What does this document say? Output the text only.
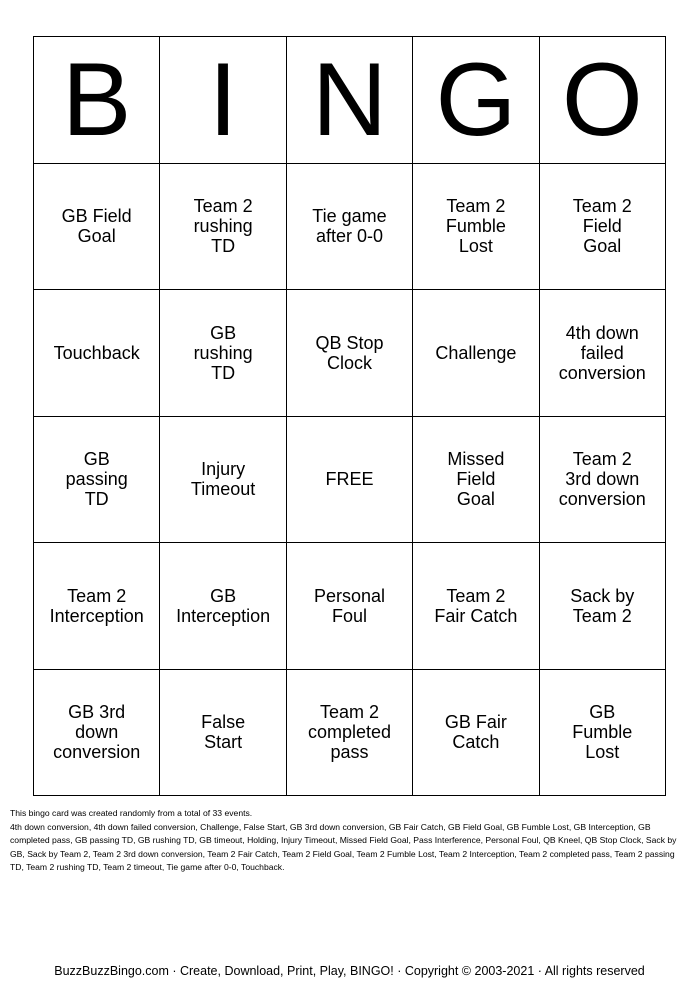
B I N G O
GB Field
Goal
Team 2
rushing
TD
Tie game
after 0-0
Team 2
Fumble
Lost
Team 2
Field
Goal
Touchback
GB
rushing
TD
QB Stop
Clock	Challenge
4th down
failed
conversion
GB
passing
TD
Injury
Timeout	FREE
Missed
Field
Goal
Team 2
3rd down
conversion
Team 2
Interception
GB
Interception
Personal
Foul
Team 2
Fair Catch
Sack by
Team 2
GB 3rd
down
conversion
False
Start
Team 2
completed
pass
GB Fair
Catch
GB
Fumble
Lost

This bingo card was created randomly from a total of 33 events.

4th down conversion, 4th down failed conversion, Challenge, False Start, GB 3rd down conversion, GB Fair Catch, GB Field Goal, GB Fumble Lost, GB Interception, GB completed pass, GB passing TD, GB rushing TD, GB timeout, Holding, Injury Timeout, Missed Field Goal, Pass Interference, Personal Foul, QB Kneel, QB Stop Clock, Sack by GB, Sack by Team 2, Team 2 3rd down conversion, Team 2 Fair Catch, Team 2 Field Goal, Team 2 Fumble Lost, Team 2 Interception, Team 2 completed pass, Team 2 passing TD, Team 2 rushing TD, Team 2 timeout, Tie game after 0-0, Touchback.

BuzzBuzzBingo.com · Create, Download, Print, Play, BINGO! · Copyright © 2003-2021 · All rights reserved
